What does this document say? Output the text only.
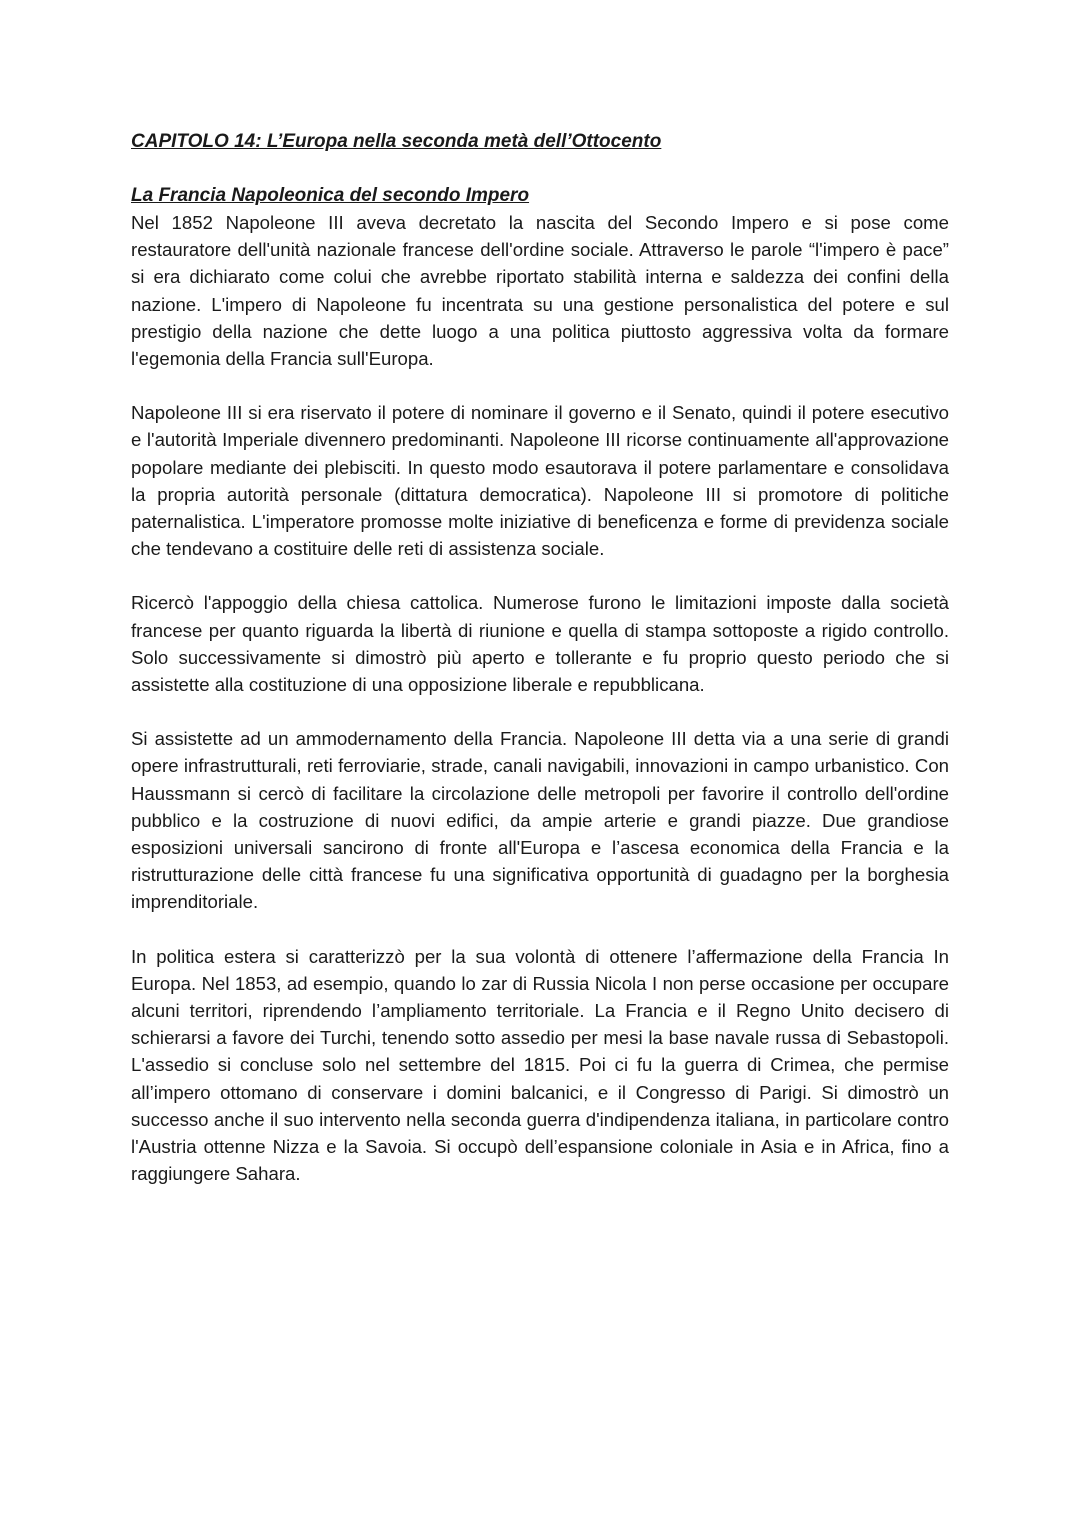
CAPITOLO 14: L’Europa nella seconda metà dell’Ottocento
La Francia Napoleonica del secondo Impero

Nel 1852 Napoleone III aveva decretato la nascita del Secondo Impero e si pose come restauratore dell'unità nazionale francese dell'ordine sociale. Attraverso le parole “l'impero è pace” si era dichiarato come colui che avrebbe riportato stabilità interna e saldezza dei confini della nazione. L'impero di Napoleone fu incentrata su una gestione personalistica del potere e sul prestigio della nazione che dette luogo a una politica piuttosto aggressiva volta da formare l'egemonia della Francia sull'Europa.

Napoleone III si era riservato il potere di nominare il governo e il Senato, quindi il potere esecutivo e l'autorità Imperiale divennero predominanti. Napoleone III ricorse continuamente all'approvazione popolare mediante dei plebisciti. In questo modo esautorava il potere parlamentare e consolidava la propria autorità personale (dittatura democratica). Napoleone III si promotore di politiche paternalistica. L'imperatore promosse molte iniziative di beneficenza e forme di previdenza sociale che tendevano a costituire delle reti di assistenza sociale.

Ricercò l'appoggio della chiesa cattolica. Numerose furono le limitazioni imposte dalla società francese per quanto riguarda la libertà di riunione e quella di stampa sottoposte a rigido controllo. Solo successivamente si dimostrò più aperto e tollerante e fu proprio questo periodo che si assistette alla costituzione di una opposizione liberale e repubblicana.

Si assistette ad un ammodernamento della Francia. Napoleone III detta via a una serie di grandi opere infrastrutturali, reti ferroviarie, strade, canali navigabili, innovazioni in campo urbanistico. Con Haussmann si cercò di facilitare la circolazione delle metropoli per favorire il controllo dell'ordine pubblico e la costruzione di nuovi edifici, da ampie arterie e grandi piazze. Due grandiose esposizioni universali sancirono di fronte all'Europa e l’ascesa economica della Francia e la ristrutturazione delle città francese fu una significativa opportunità di guadagno per la borghesia imprenditoriale.

In politica estera si caratterizzò per la sua volontà di ottenere l’affermazione della Francia In Europa. Nel 1853, ad esempio, quando lo zar di Russia Nicola I non perse occasione per occupare alcuni territori, riprendendo l’ampliamento territoriale. La Francia e il Regno Unito decisero di schierarsi a favore dei Turchi, tenendo sotto assedio per mesi la base navale russa di Sebastopoli. L'assedio si concluse solo nel settembre del 1815. Poi ci fu la guerra di Crimea, che permise all’impero ottomano di conservare i domini balcanici, e il Congresso di Parigi. Si dimostrò un successo anche il suo intervento nella seconda guerra d'indipendenza italiana, in particolare contro l'Austria ottenne Nizza e la Savoia. Si occupò dell’espansione coloniale in Asia e in Africa, fino a raggiungere Sahara.
